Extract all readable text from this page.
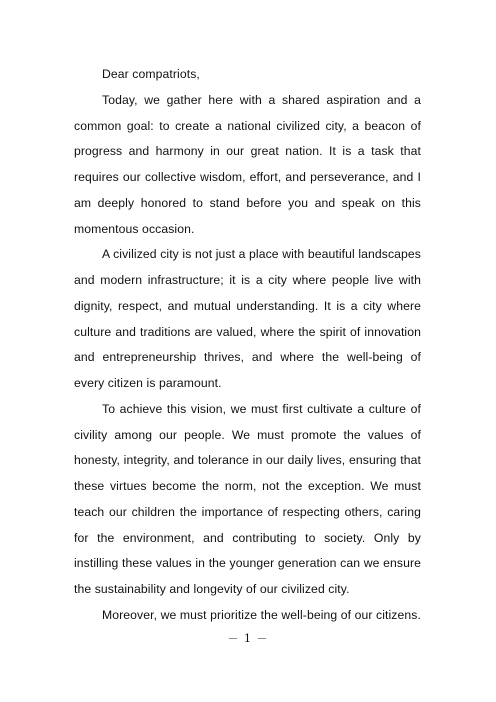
Dear compatriots,

Today, we gather here with a shared aspiration and a common goal: to create a national civilized city, a beacon of progress and harmony in our great nation. It is a task that requires our collective wisdom, effort, and perseverance, and I am deeply honored to stand before you and speak on this momentous occasion.

A civilized city is not just a place with beautiful landscapes and modern infrastructure; it is a city where people live with dignity, respect, and mutual understanding. It is a city where culture and traditions are valued, where the spirit of innovation and entrepreneurship thrives, and where the well-being of every citizen is paramount.

To achieve this vision, we must first cultivate a culture of civility among our people. We must promote the values of honesty, integrity, and tolerance in our daily lives, ensuring that these virtues become the norm, not the exception. We must teach our children the importance of respecting others, caring for the environment, and contributing to society. Only by instilling these values in the younger generation can we ensure the sustainability and longevity of our civilized city.

Moreover, we must prioritize the well-being of our citizens.

－ 1 －
